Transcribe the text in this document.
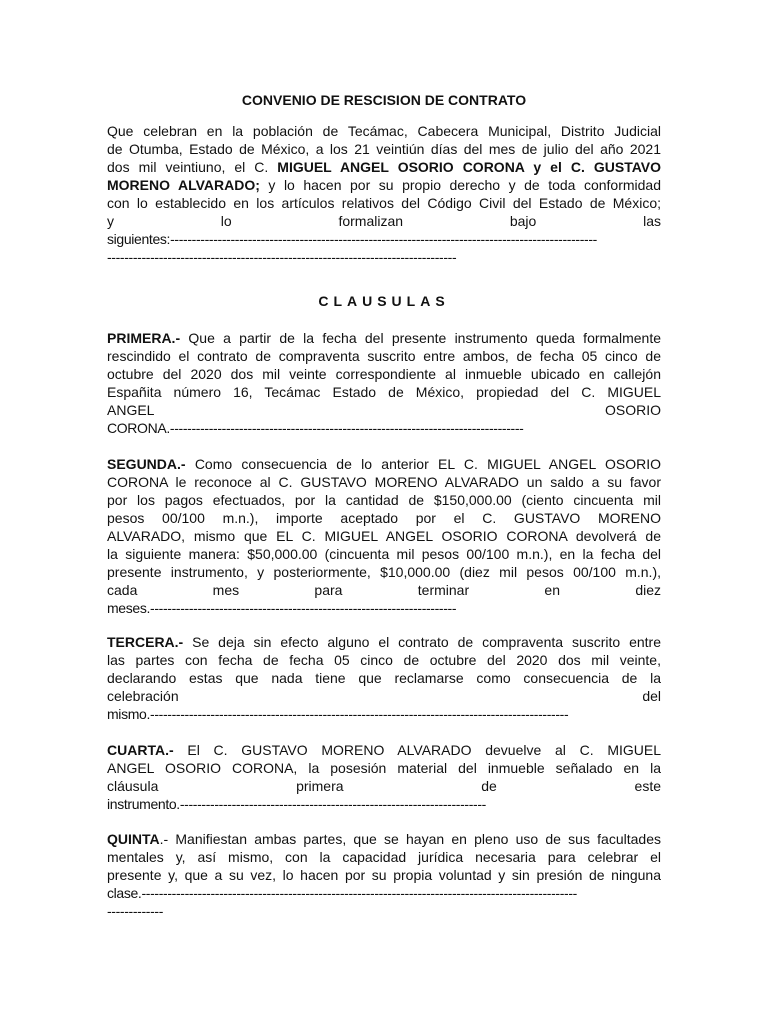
CONVENIO DE RESCISION DE CONTRATO
Que celebran en la población de Tecámac, Cabecera Municipal, Distrito Judicial
de Otumba, Estado de México, a los 21 veintiún días del mes de julio del año 2021
dos mil veintiuno, el C. MIGUEL ANGEL OSORIO CORONA y el C. GUSTAVO
MORENO ALVARADO; y lo hacen por su propio derecho y de toda conformidad
con lo establecido en los artículos relativos del Código Civil del Estado de México;
y lo formalizan bajo las
siguientes:---------------------------------------------------------------------------------------------------
---------------------------------------------------------------------------------
CLAUSULAS
PRIMERA.- Que a partir de la fecha del presente instrumento queda formalmente
rescindido el contrato de compraventa suscrito entre ambos, de fecha 05 cinco de
octubre del 2020 dos mil veinte correspondiente al inmueble ubicado en callejón
Españita número 16, Tecámac Estado de México, propiedad del C. MIGUEL
ANGEL OSORIO
CORONA.----------------------------------------------------------------------------------
SEGUNDA.- Como consecuencia de lo anterior EL C. MIGUEL ANGEL OSORIO
CORONA le reconoce al C. GUSTAVO MORENO ALVARADO un saldo a su favor
por los pagos efectuados, por la cantidad de $150,000.00 (ciento cincuenta mil
pesos 00/100 m.n.), importe aceptado por el C. GUSTAVO MORENO
ALVARADO, mismo que EL C. MIGUEL ANGEL OSORIO CORONA devolverá de
la siguiente manera: $50,000.00 (cincuenta mil pesos 00/100 m.n.), en la fecha del
presente instrumento, y posteriormente, $10,000.00 (diez mil pesos 00/100 m.n.),
cada mes para terminar en diez
meses.-----------------------------------------------------------------------
TERCERA.- Se deja sin efecto alguno el contrato de compraventa suscrito entre
las partes con fecha de fecha 05 cinco de octubre del 2020 dos mil veinte,
declarando estas que nada tiene que reclamarse como consecuencia de la
celebración del
mismo.-------------------------------------------------------------------------------------------------
CUARTA.- El C. GUSTAVO MORENO ALVARADO devuelve al C. MIGUEL
ANGEL OSORIO CORONA, la posesión material del inmueble señalado en la
cláusula primera de este
instrumento.-----------------------------------------------------------------------
QUINTA.- Manifiestan ambas partes, que se hayan en pleno uso de sus facultades
mentales y, así mismo, con la capacidad jurídica necesaria para celebrar el
presente y, que a su vez, lo hacen por su propia voluntad y sin presión de ninguna
clase.-----------------------------------------------------------------------------------------------------
-------------
